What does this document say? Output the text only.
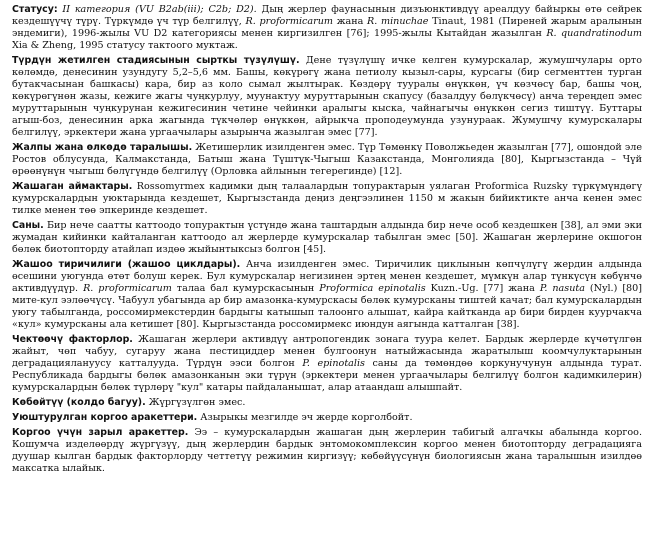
Статусу: II категория (VU B2ab(iii); C2b; D2). Дың жерлер фаунасынын дизъюнктивдүү ареалдуу байыркы өтө сейрек кездешүүчү түрү. Түркүмдө үч түр белгилүү, R. proformicarum жана R. minuchae Tinaut, 1981 (Пиреней жарым аралынын эндемиги), 1996-жылы VU D2 категориясы менен киргизилген [76]; 1995-жылы Кытайдан жазылган R. quandratinodum Xia & Zheng, 1995 статусу тактоого муктаж.

Түрдүн жетилген стадиясынын сырткы түзүлүшү. Дене түзүлүшү ичке келген кумурскалар, жумушчулары орто көлөмдө, денесинин узундугу 5,2–5,6 мм. Башы, көкүрөгү жана петиолу кызыл-сары, курсагы (бир сегменттен турган бутакчасынан башкасы) кара, бир аз коло сымал жылтырак. Көздөрү тууралы өнүккөн, үч көзчөсү бар, башы чоң, көкүрөгүнөн жазы, кежиге жагы чуңкурлуу, муунактуу муруттарынын скапусу (базалдуу бөлүкчөсү) анча тереңдеп эмес муруттарынын чуңкурунан кежигесинин четине чейинки аралыгы кыска, чайнагычы өнүккөн сегиз тиштүү. Буттары агыш-боз, денесинин арка жагында түкчөлөр өнүккөн, айрыкча проподеумунда узунураак. Жумушчу кумурскалары белгилүү, эркектери жана ургаачылары азырынча жазылган эмес [77].

Жалпы жана өлкөдө таралышы. Жетишерлик изилденген эмес. Түр Төмөнкү Поволжьеден жазылган [77], ошондой эле Ростов облусунда, Калмакстанда, Батыш жана Түштүк-Чыгыш Казакстанда, Монголияда [80], Кыргызстанда – Чүй өрөөнүнүн чыгыш бөлүгүндө белгилүү (Орловка айлынын тегерегинде) [12].

Жашаган аймактары. Rossomyrmex кадимки дың талаалардын топурактарын уялаган Proformica Ruzsky түркүмүндөгү кумурскалардын уюктарында кездешет, Кыргызстанда деңиз деңгээлинен 1150 м жакын бийиктикте анча кенен эмес тилке менен төө эпкеринде кездешет.

Саны. Бир нече саатты каттоодо топурактын үстүндө жана таштардын алдында бир нече особ кездешкен [38], ал эми эки жумадан кийинки кайталанган каттоодо ал жерлерде кумурскалар табылган эмес [50]. Жашаган жерлерине окшогон бөлөк биотопторду атайлап издөө жыйынтыксыз болгон [45].

Жашоо тиричилиги (жашоо циклдары). Анча изилденген эмес. Тиричилик циклынын көпчүлүгү жердин алдында өсешини уюгунда өтөт болуш керек. Бул кумурскалар негизинен эртең менен кездешет, мүмкүн алар түнкүсүн көбүнчө активдүүдүр. R. proformicarum талаа бал кумурскасынын Proformica epinotalis Kuzn.-Ug. [77] жана P. nasuta (Nyl.) [80] мите-кул ээлөөчүсү. Чабуул убагында ар бир амазонка-кумурскасы бөлөк кумурсканы тиштей качат; бал кумурскалардын уюгу табылганда, россомирмекстердин бардыгы катышып талоонго алышат, кайра кайтканда ар бири бирден куурчакча «кул» кумурсканы ала кетишет [80]. Кыргызстанда россомирмекс июндун аягында катталган [38].

Чектөөчү факторлор. Жашаган жерлери активдүү антропогендик зонага туура келет. Бардык жерлерде күчөтүлгөн жайыт, чөп чабуу, сугаруу жана пестициддер менен булгоонун натыйжасында жаратылыш коомчулуктарынын деградациялануусу катталууда. Түрдүн ээси болгон P. epinotalis саны да төмөндөө коркунучунун алдында турат. Республикада бардыгы бөлөк амазонканын эки түрүн (эркектери менен ургаачылары белгилүү болгон кадимкилерин) кумурскалардын бөлөк түрлөрү "кул" катары пайдаланышат, алар атаандаш алышпайт.

Көбөйтүү (колдо багуу). Жүргүзүлгөн эмес.

Уюштурулган коргоо аракеттери. Азырыкы мезгилде эч жерде корголбойт.

Коргоо үчүн зарыл аракеттер. Ээ – кумурскалардын жашаган дың жерлерин табигый алгачкы абалында коргоо. Кошумча изделөөрдү жүргүзүү, дың жерлердин бардык энтомокомплексин коргоо менен биотопторду деградацияга дуушар кылган бардык факторлорду четтетүү режимин киргизүү; көбөйүүсүнүн биологиясын жана таралышын изилдөө максатка ылайык.
